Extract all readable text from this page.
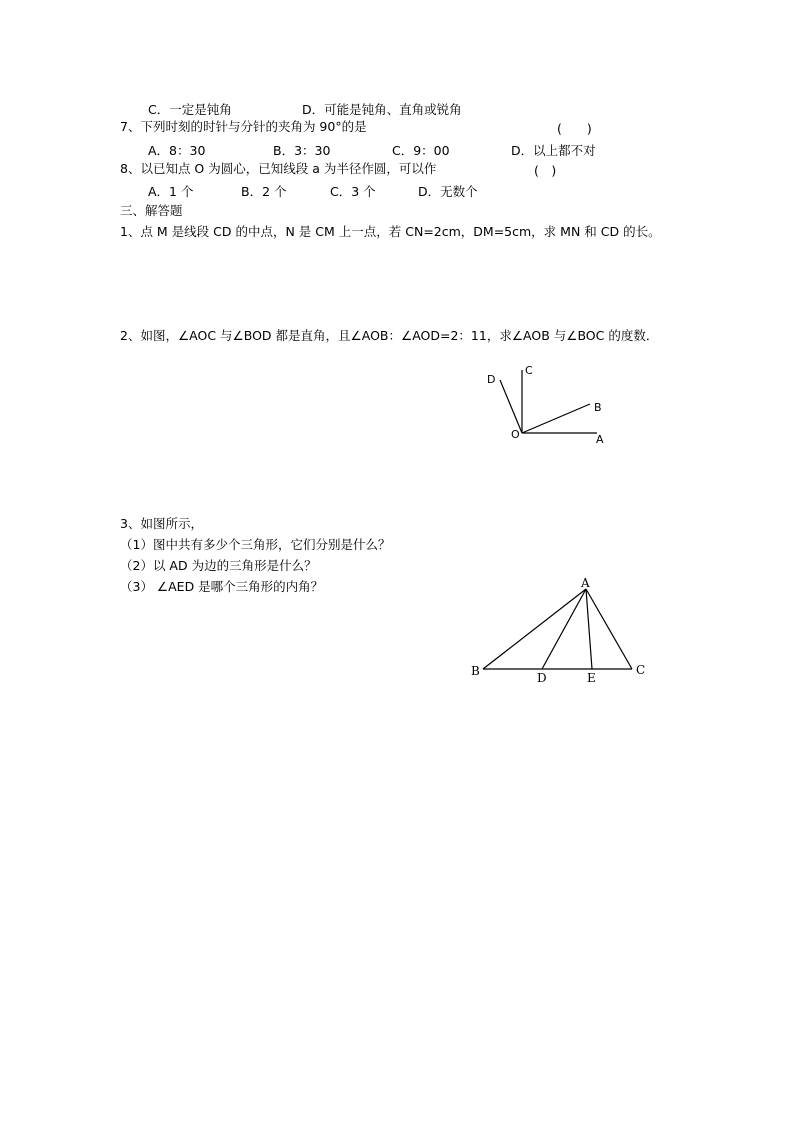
C．一定是钝角	D．可能是钝角、直角或锐角
7、下列时刻的时针与分针的夹角为 90°的是	(　　)
A．8：30	B．3：30	C．9：00	D．以上都不对
8、以已知点 O 为圆心，已知线段 a 为半径作圆，可以作	(　)
A．1 个	B．2 个	C．3 个	D．无数个
三、解答题
1、点 M 是线段 CD 的中点，N 是 CM 上一点，若 CN=2cm，DM=5cm，求 MN 和 CD 的长。
2、如图，∠AOC 与∠BOD 都是直角，且∠AOB：∠AOD=2：11，求∠AOB 与∠BOC 的度数．
D
C
B
O	A
3、如图所示，
（1）图中共有多少个三角形，它们分别是什么？
（2）以 AD 为边的三角形是什么？
（3） ∠AED 是哪个三角形的内角？	A
B	D	E
C
